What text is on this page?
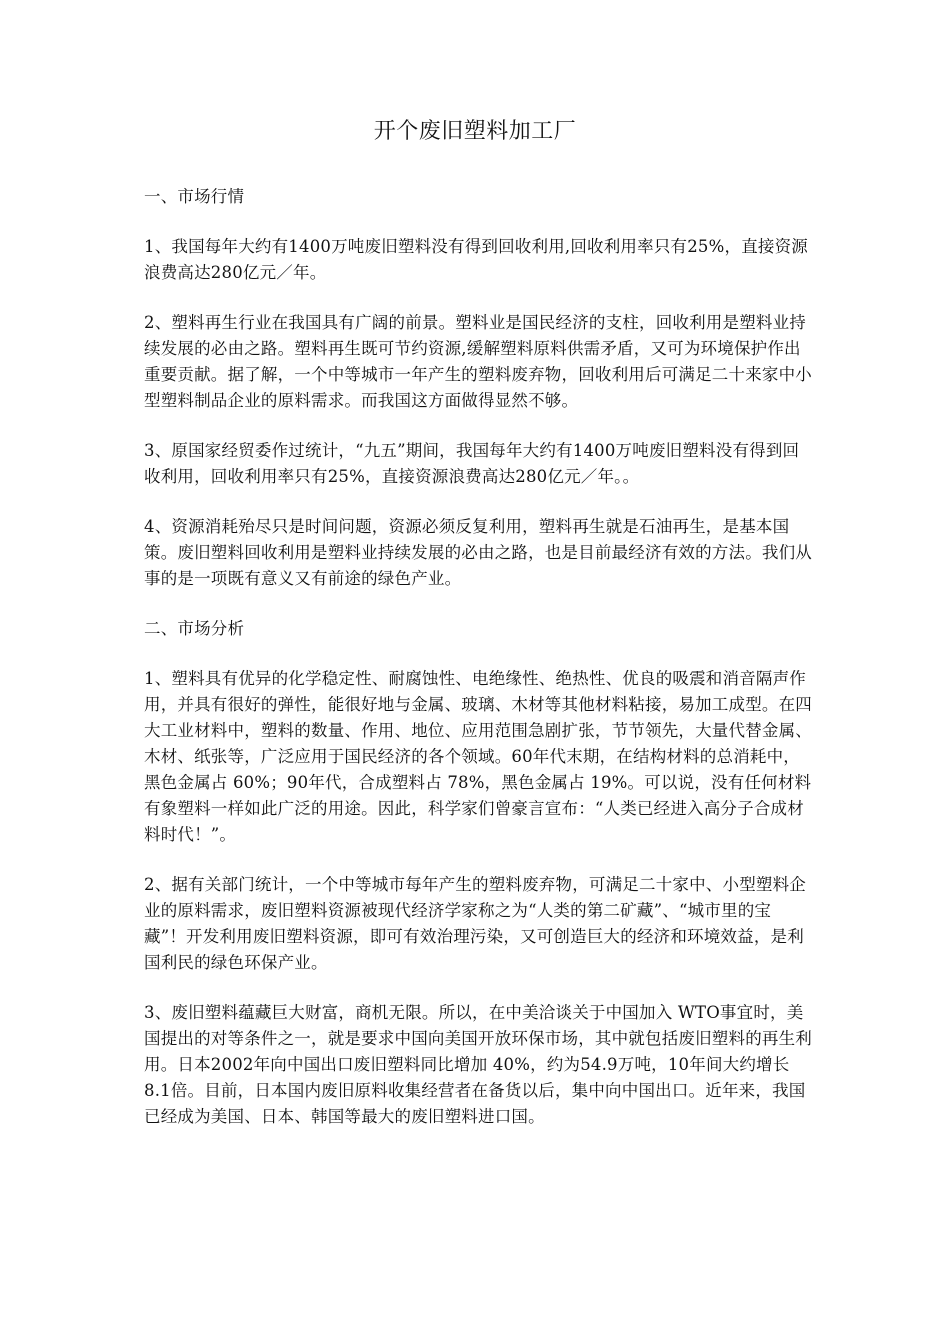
开个废旧塑料加工厂

一、市场行情

1、我国每年大约有1400万吨废旧塑料没有得到回收利用,回收利用率只有25%，直接资源浪费高达280亿元／年。

2、塑料再生行业在我国具有广阔的前景。塑料业是国民经济的支柱，回收利用是塑料业持续发展的必由之路。塑料再生既可节约资源,缓解塑料原料供需矛盾，又可为环境保护作出重要贡献。据了解，一个中等城市一年产生的塑料废弃物，回收利用后可满足二十来家中小型塑料制品企业的原料需求。而我国这方面做得显然不够。

3、原国家经贸委作过统计，“九五”期间，我国每年大约有1400万吨废旧塑料没有得到回收利用，回收利用率只有25%，直接资源浪费高达280亿元／年。。

4、资源消耗殆尽只是时间问题，资源必须反复利用，塑料再生就是石油再生，是基本国策。废旧塑料回收利用是塑料业持续发展的必由之路，也是目前最经济有效的方法。我们从事的是一项既有意义又有前途的绿色产业。

二、市场分析

1、塑料具有优异的化学稳定性、耐腐蚀性、电绝缘性、绝热性、优良的吸震和消音隔声作用，并具有很好的弹性，能很好地与金属、玻璃、木材等其他材料粘接，易加工成型。在四大工业材料中，塑料的数量、作用、地位、应用范围急剧扩张，节节领先，大量代替金属、木材、纸张等，广泛应用于国民经济的各个领域。60年代末期，在结构材料的总消耗中，黑色金属占 60%；90年代，合成塑料占 78%，黑色金属占 19%。可以说，没有任何材料有象塑料一样如此广泛的用途。因此，科学家们曾豪言宣布：“人类已经进入高分子合成材料时代！”。

2、据有关部门统计，一个中等城市每年产生的塑料废弃物，可满足二十家中、小型塑料企业的原料需求，废旧塑料资源被现代经济学家称之为“人类的第二矿藏”、“城市里的宝藏”！开发利用废旧塑料资源，即可有效治理污染，又可创造巨大的经济和环境效益，是利国利民的绿色环保产业。

3、废旧塑料蕴藏巨大财富，商机无限。所以，在中美洽谈关于中国加入 WTO事宜时，美国提出的对等条件之一，就是要求中国向美国开放环保市场，其中就包括废旧塑料的再生利用。日本2002年向中国出口废旧塑料同比增加 40%，约为54.9万吨，10年间大约增长 8.1倍。目前，日本国内废旧原料收集经营者在备货以后，集中向中国出口。近年来，我国已经成为美国、日本、韩国等最大的废旧塑料进口国。
